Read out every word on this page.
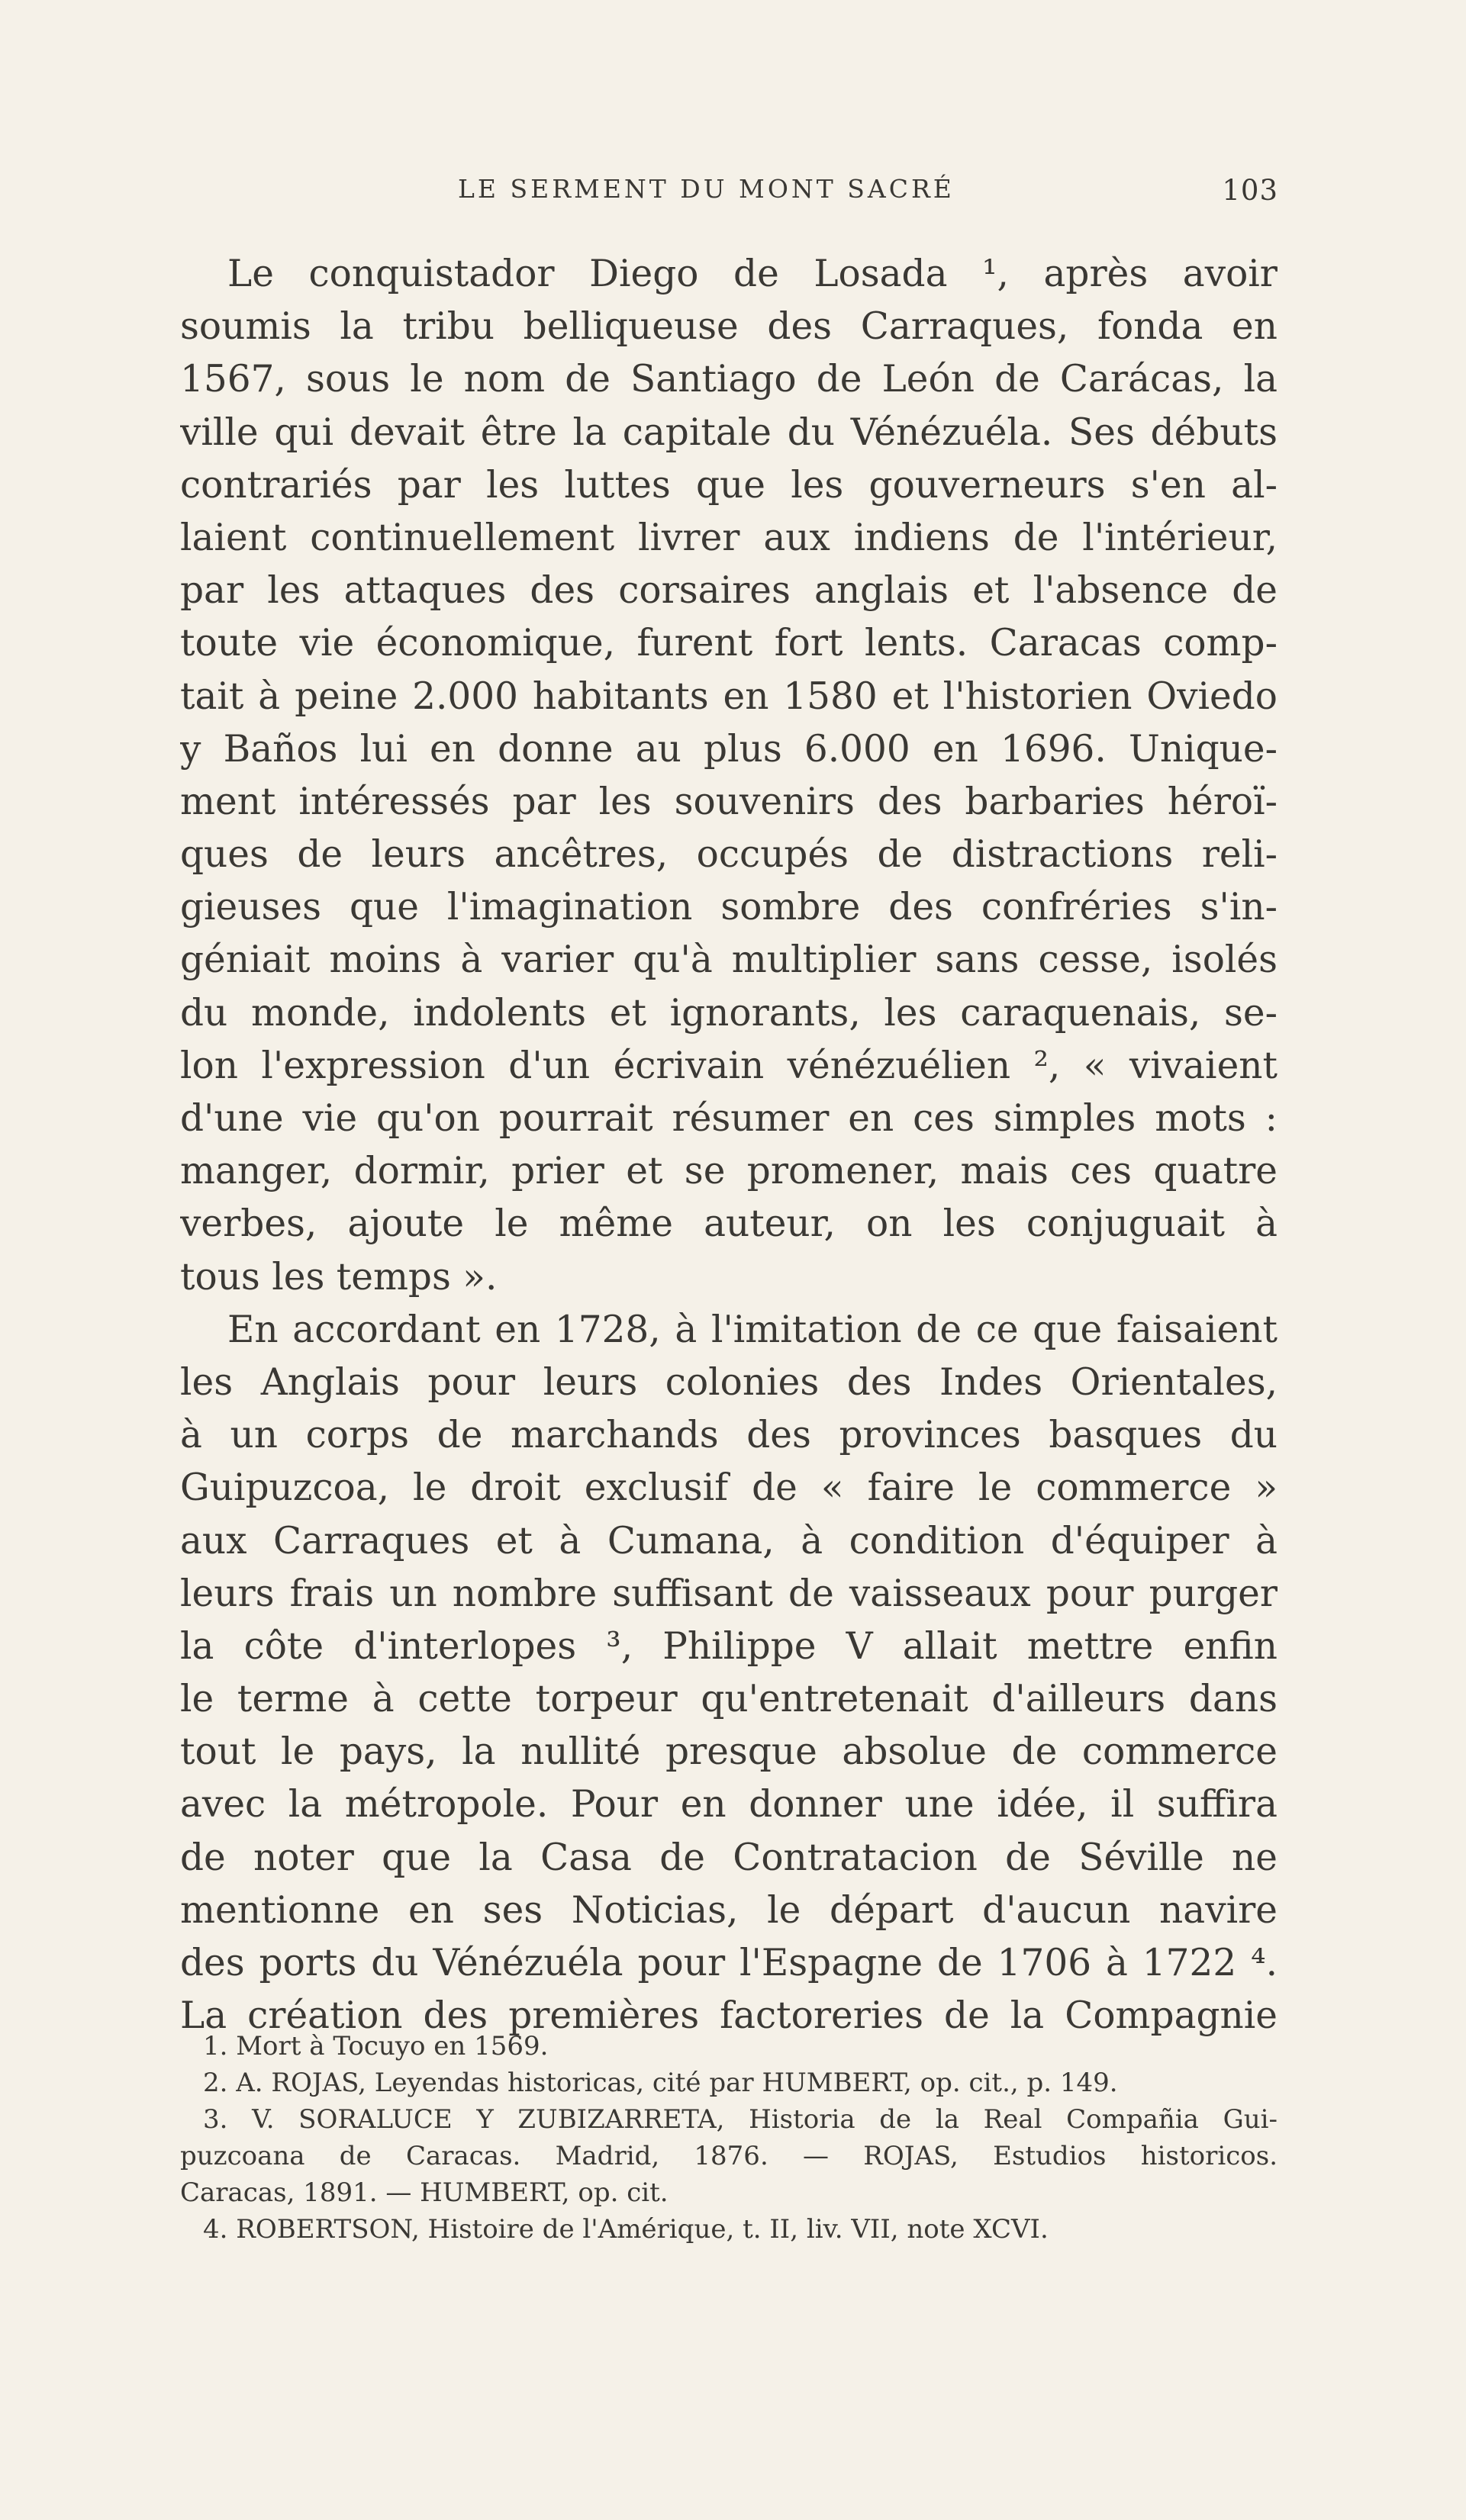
LE SERMENT DU MONT SACRÉ	103
Le conquistador Diego de Losada ¹, après avoir
soumis la tribu belliqueuse des Carraques, fonda en
1567, sous le nom de Santiago de León de Carácas, la
ville qui devait être la capitale du Vénézuéla. Ses débuts
contrariés par les luttes que les gouverneurs s'en al-
laient continuellement livrer aux indiens de l'intérieur,
par les attaques des corsaires anglais et l'absence de
toute vie économique, furent fort lents. Caracas comp-
tait à peine 2.000 habitants en 1580 et l'historien Oviedo
y Baños lui en donne au plus 6.000 en 1696. Unique-
ment intéressés par les souvenirs des barbaries héroï-
ques de leurs ancêtres, occupés de distractions reli-
gieuses que l'imagination sombre des confréries s'in-
géniait moins à varier qu'à multiplier sans cesse, isolés
du monde, indolents et ignorants, les caraquenais, se-
lon l'expression d'un écrivain vénézuélien ², « vivaient
d'une vie qu'on pourrait résumer en ces simples mots :
manger, dormir, prier et se promener, mais ces quatre
verbes, ajoute le même auteur, on les conjuguait à
tous les temps ».
En accordant en 1728, à l'imitation de ce que faisaient
les Anglais pour leurs colonies des Indes Orientales,
à un corps de marchands des provinces basques du
Guipuzcoa, le droit exclusif de « faire le commerce »
aux Carraques et à Cumana, à condition d'équiper à
leurs frais un nombre suffisant de vaisseaux pour purger
la côte d'interlopes ³, Philippe V allait mettre enfin
le terme à cette torpeur qu'entretenait d'ailleurs dans
tout le pays, la nullité presque absolue de commerce
avec la métropole. Pour en donner une idée, il suffira
de noter que la Casa de Contratacion de Séville ne
mentionne en ses Noticias, le départ d'aucun navire
des ports du Vénézuéla pour l'Espagne de 1706 à 1722 ⁴.
La création des premières factoreries de la Compagnie
1. Mort à Tocuyo en 1569.
2. A. ROJAS, Leyendas historicas, cité par HUMBERT, op. cit., p. 149.
3. V. SORALUCE Y ZUBIZARRETA, Historia de la Real Compañia Gui-
puzcoana de Caracas. Madrid, 1876. — ROJAS, Estudios historicos.
Caracas, 1891. — HUMBERT, op. cit.
4. ROBERTSON, Histoire de l'Amérique, t. II, liv. VII, note XCVI.
